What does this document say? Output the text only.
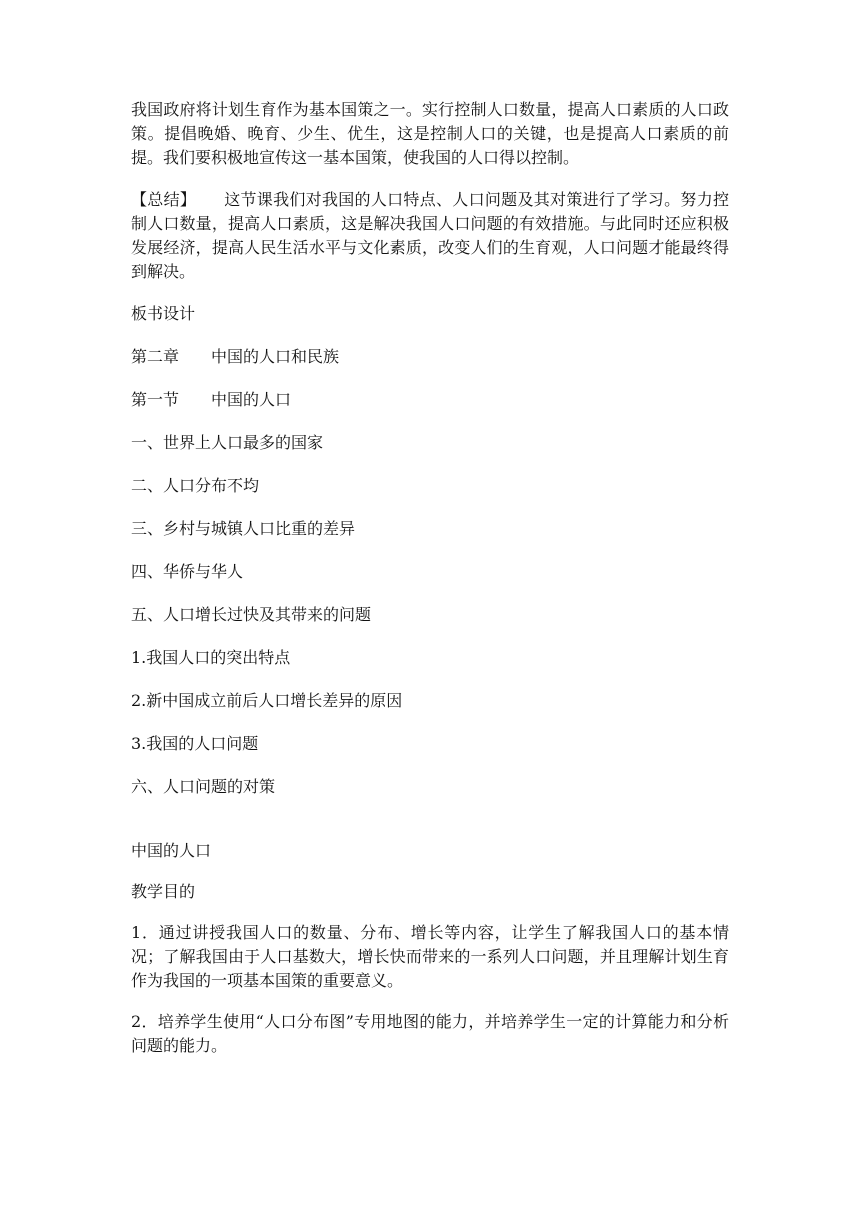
我国政府将计划生育作为基本国策之一。实行控制人口数量，提高人口素质的人口政策。提倡晚婚、晚育、少生、优生，这是控制人口的关键，也是提高人口素质的前提。我们要积极地宣传这一基本国策，使我国的人口得以控制。

【总结】 这节课我们对我国的人口特点、人口问题及其对策进行了学习。努力控制人口数量，提高人口素质，这是解决我国人口问题的有效措施。与此同时还应积极发展经济，提高人民生活水平与文化素质，改变人们的生育观，人口问题才能最终得到解决。

板书设计

第二章 中国的人口和民族

第一节 中国的人口

一、世界上人口最多的国家

二、人口分布不均

三、乡村与城镇人口比重的差异

四、华侨与华人

五、人口增长过快及其带来的问题

1.我国人口的突出特点

2.新中国成立前后人口增长差异的原因

3.我国的人口问题

六、人口问题的对策

中国的人口

教学目的

1．通过讲授我国人口的数量、分布、增长等内容，让学生了解我国人口的基本情况；了解我国由于人口基数大，增长快而带来的一系列人口问题，并且理解计划生育作为我国的一项基本国策的重要意义。

2．培养学生使用“人口分布图”专用地图的能力，并培养学生一定的计算能力和分析问题的能力。
